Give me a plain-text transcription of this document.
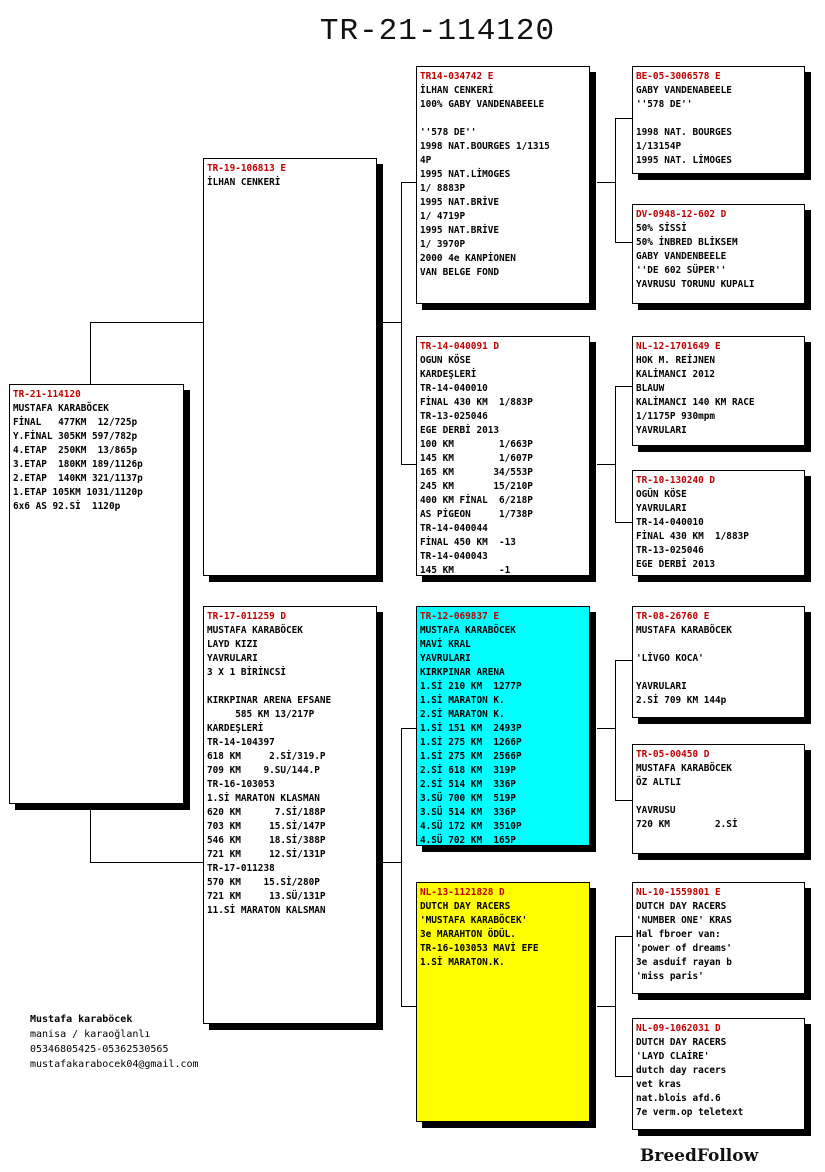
TR-21-114120
TR-21-114120
MUSTAFA KARABÖCEK
FİNAL   477KM  12/725p
Y.FİNAL 305KM 597/782p
4.ETAP  250KM  13/865p
3.ETAP  180KM 189/1126p
2.ETAP  140KM 321/1137p
1.ETAP 105KM 1031/1120p
6x6 AS 92.Sİ  1120p
TR-19-106813 E
İLHAN CENKERİ
TR-17-011259 D
MUSTAFA KARABÖCEK
LAYD KIZI
YAVRULARI
3 X 1 BİRİNCSİ
KIRKPINAR ARENA EFSANE
585 KM 13/217P
KARDEŞLERİ
TR-14-104397
618 KM     2.Sİ/319.P
709 KM    9.SU/144.P
TR-16-103053
1.Sİ MARATON KLASMAN
620 KM      7.Sİ/188P
703 KM     15.Sİ/147P
546 KM     18.Sİ/388P
721 KM     12.Sİ/131P
TR-17-011238
570 KM    15.Sİ/280P
721 KM     13.SÜ/131P
11.Sİ MARATON KALSMAN
TR14-034742 E
İLHAN CENKERİ
100% GABY VANDENABEELE
''578 DE''
1998 NAT.BOURGES 1/1315
4P
1995 NAT.LİMOGES
1/ 8883P
1995 NAT.BRİVE
1/ 4719P
1995 NAT.BRİVE
1/ 3970P
2000 4e KANPİONEN
VAN BELGE FOND
TR-14-040091 D
OGUN KÖSE
KARDEŞLERİ
TR-14-040010
FİNAL 430 KM  1/883P
TR-13-025046
EGE DERBİ 2013
100 KM        1/663P
145 KM        1/607P
165 KM       34/553P
245 KM       15/210P
400 KM FİNAL  6/218P
AS PİGEON     1/738P
TR-14-040044
FİNAL 450 KM  -13
TR-14-040043
145 KM        -1
TR-12-069837 E
MUSTAFA KARABÖCEK
MAVİ KRAL
YAVRULARI
KIRKPINAR ARENA
1.Sİ 210 KM  1277P
1.Sİ MARATON K.
2.Sİ MARATON K.
1.Sİ 151 KM  2493P
1.Sİ 275 KM  1266P
1.Sİ 275 KM  2566P
2.Sİ 618 KM  319P
2.Sİ 514 KM  336P
3.SÜ 700 KM  519P
3.SÜ 514 KM  336P
4.SÜ 172 KM  3510P
4.SÜ 702 KM  165P
NL-13-1121828 D
DUTCH DAY RACERS
'MUSTAFA KARABÖCEK'
3e MARAHTON ÖDÜL.
TR-16-103053 MAVİ EFE
1.Sİ MARATON.K.
BE-05-3006578 E
GABY VANDENABEELE
''578 DE''
1998 NAT. BOURGES
1/13154P
1995 NAT. LİMOGES
DV-0948-12-602 D
50% SİSSİ
50% İNBRED BLİKSEM
GABY VANDENBEELE
''DE 602 SÜPER''
YAVRUSU TORUNU KUPALI
NL-12-1701649 E
HOK M. REİJNEN
KALİMANCI 2012
BLAUW
KALİMANCI 140 KM RACE
1/1175P 930mpm
YAVRULARI
TR-10-130240 D
OGÜN KÖSE
YAVRULARI
TR-14-040010
FİNAL 430 KM  1/883P
TR-13-025046
EGE DERBİ 2013
TR-08-26760 E
MUSTAFA KARABÖCEK
'LİVGO KOCA'
YAVRULARI
2.Sİ 709 KM 144p
TR-05-00450 D
MUSTAFA KARABÖCEK
ÖZ ALTLI
YAVRUSU
720 KM        2.Sİ
NL-10-1559801 E
DUTCH DAY RACERS
'NUMBER ONE' KRAS
Hal fbroer van:
'power of dreams'
3e asduif rayan b
'miss paris'
NL-09-1062031 D
DUTCH DAY RACERS
'LAYD CLAİRE'
dutch day racers
vet kras
nat.blois afd.6
7e verm.op teletext
Mustafa karaböcek
manisa / karaoğlanlı
05346805425-05362530565
mustafakarabocek04@gmail.com
BreedFollow
